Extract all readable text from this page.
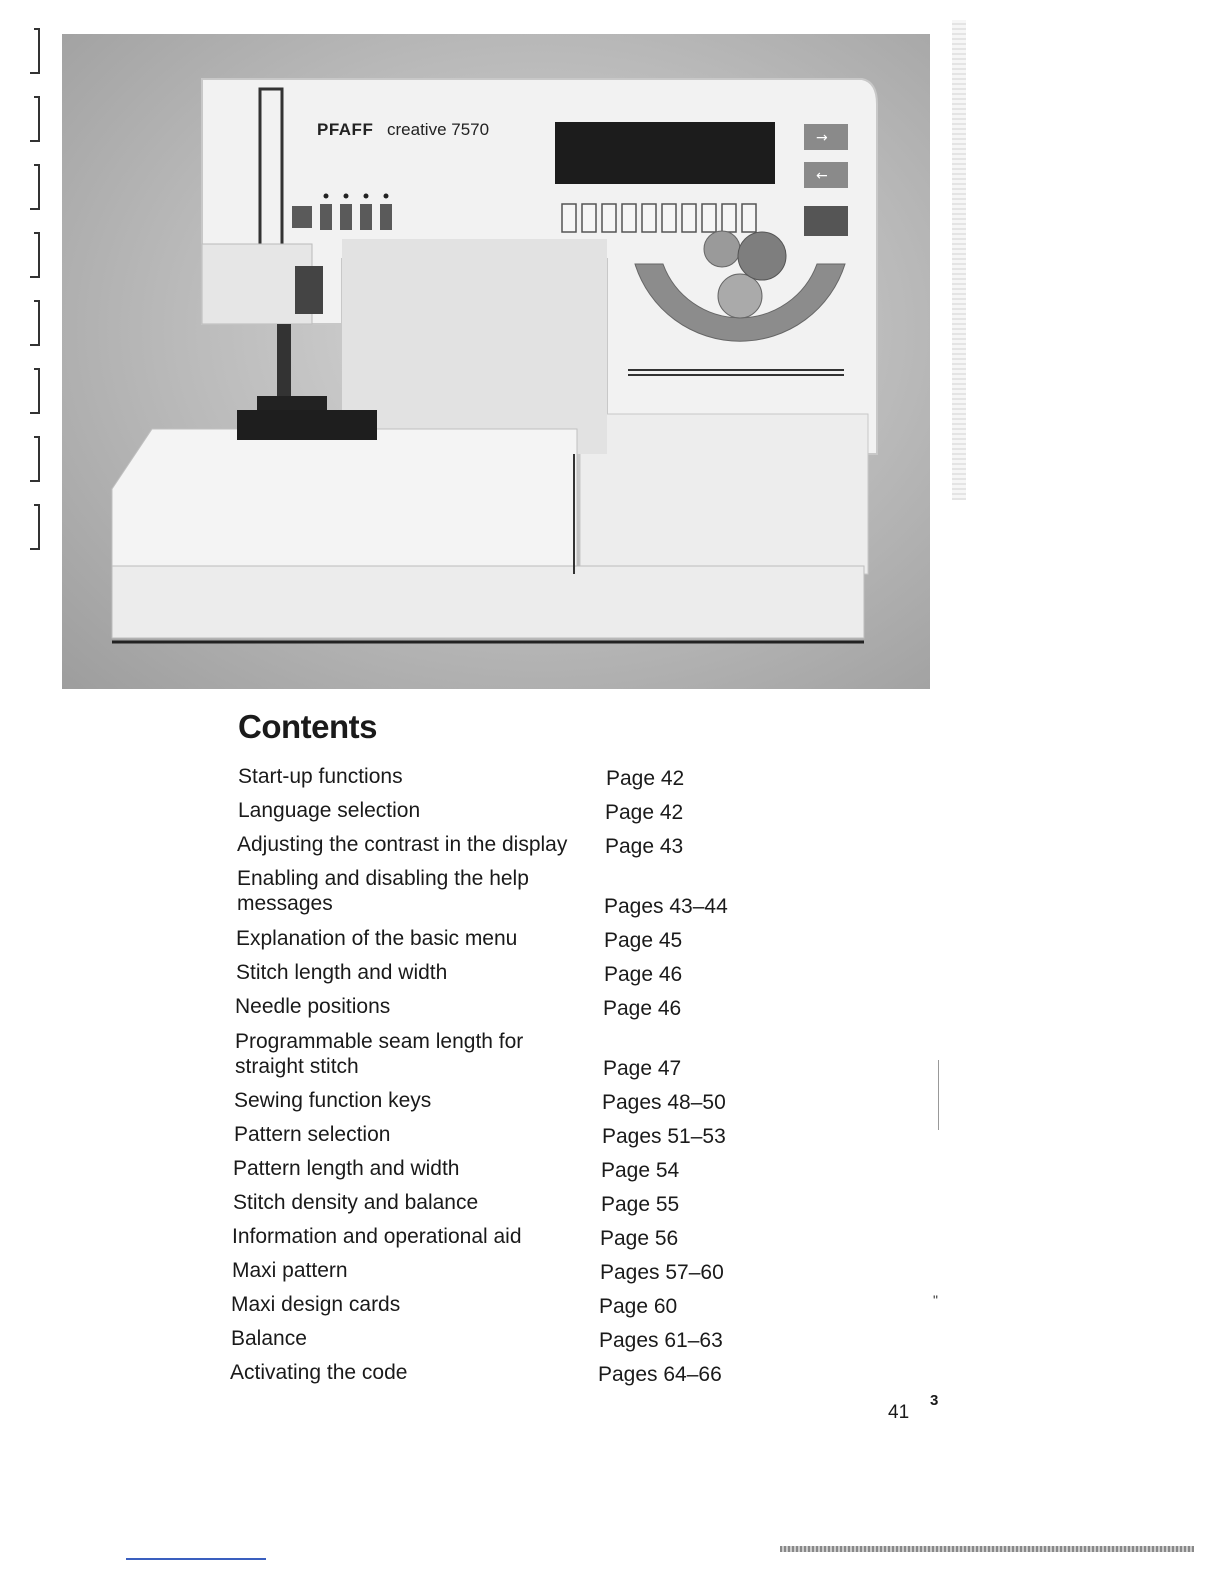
→
←
PFAFF creative 7570
Contents
Start-up functions	Page 42
Language selection	Page 42
Adjusting the contrast in the display Page 43
Enabling and disabling the help
messages	Pages 43–44
Explanation of the basic menu	Page 45
Stitch length and width	Page 46
Needle positions	Page 46
Programmable seam length for
straight stitch	Page 47
Sewing function keys	Pages 48–50
Pattern selection	Pages 51–53
Pattern length and width	Page 54
Stitch density and balance	Page 55
Information and operational aid	Page 56
Maxi pattern	Pages 57–60
Maxi design cards	Page 60
Balance	Pages 61–63
Activating the code	Pages 64–66
"
41
3
